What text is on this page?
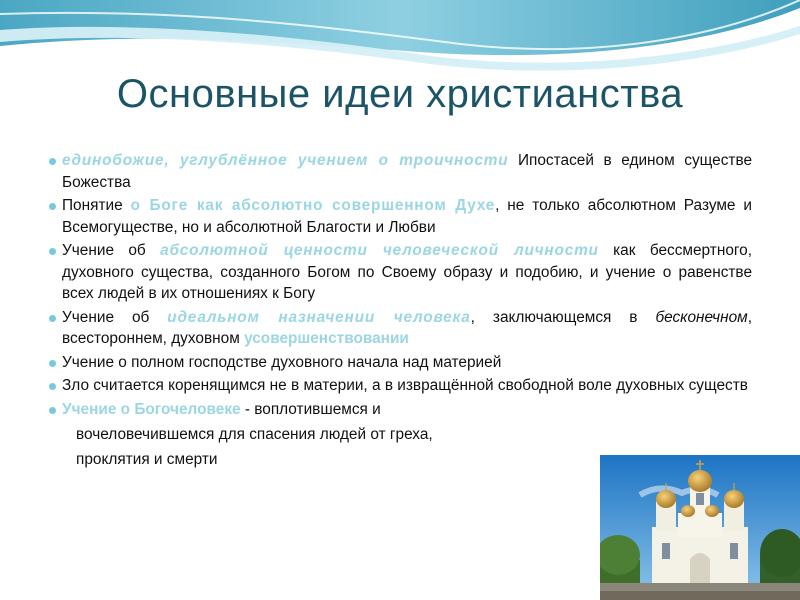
Основные идеи христианства
единобожие, углублённое учением о троичности Ипостасей в едином существе Божества
Понятие о Боге как абсолютно совершенном Духе, не только абсолютном Разуме и Всемогуществе, но и абсолютной Благости и Любви
Учение об абсолютной ценности человеческой личности как бессмертного, духовного существа, созданного Богом по Своему образу и подобию, и учение о равенстве всех людей в их отношениях к Богу
Учение об идеальном назначении человека, заключающемся в бесконечном, всестороннем, духовном усовершенствовании
Учение о полном господстве духовного начала над материей
Зло считается коренящимся не в материи, а в извращённой свободной воле духовных существ
Учение о Богочеловеке - воплотившемся и
вочеловечившемся для спасения людей от греха,
проклятия и смерти
